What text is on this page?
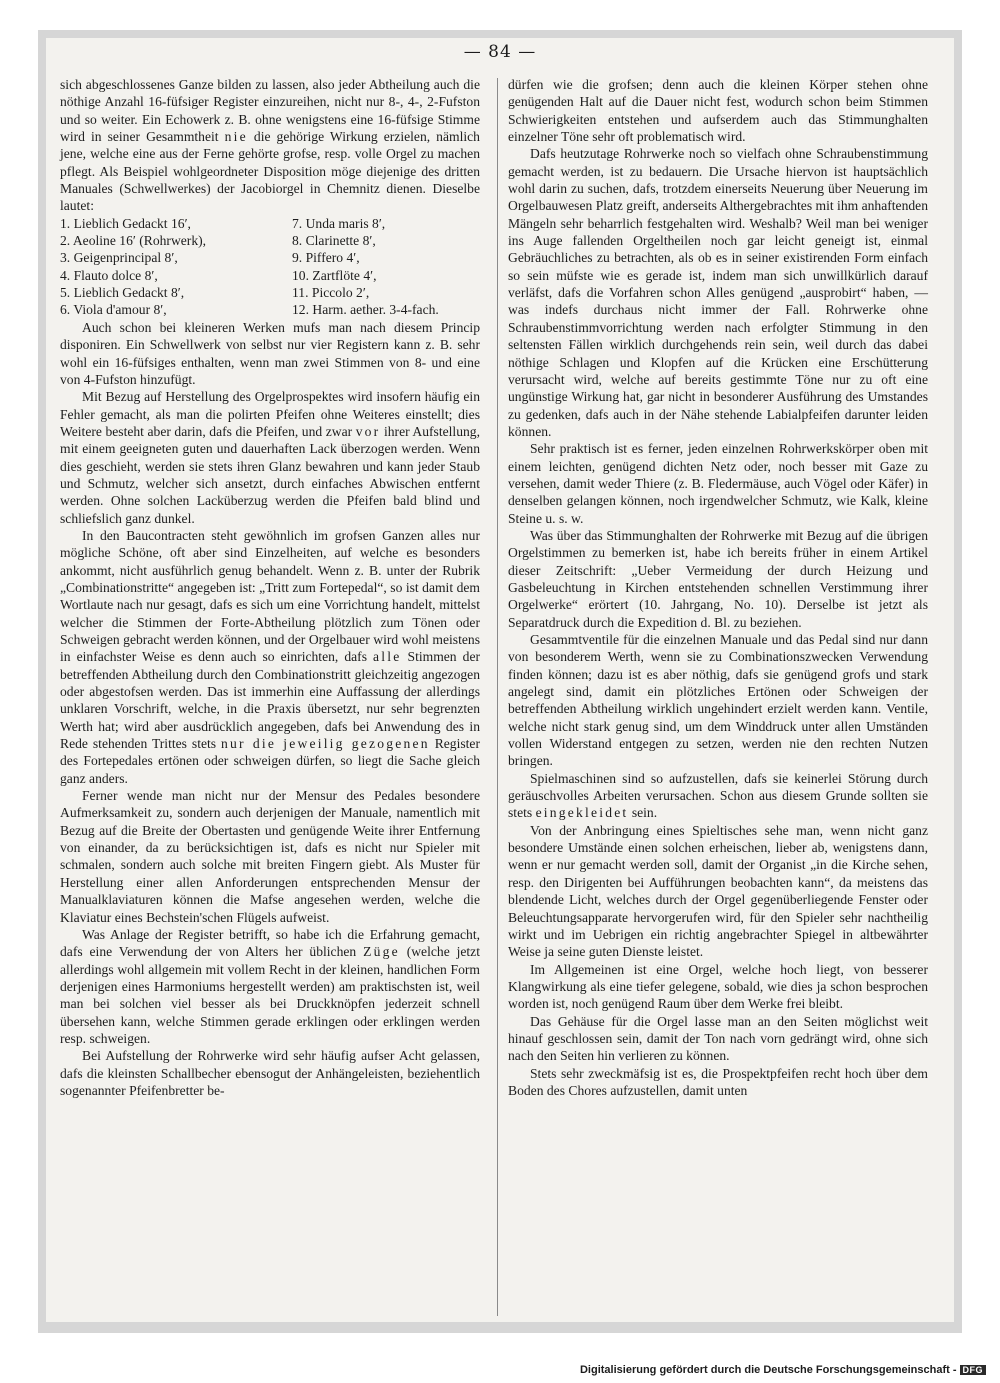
— 84 —

sich abgeschlossenes Ganze bilden zu lassen, also jeder Abtheilung auch die nöthige Anzahl 16-füfsiger Register einzureihen, nicht nur 8-, 4-, 2-Fufston und so weiter. Ein Echowerk z. B. ohne wenigstens eine 16-füfsige Stimme wird in seiner Gesammtheit nie die gehörige Wirkung erzielen, nämlich jene, welche eine aus der Ferne gehörte grofse, resp. volle Orgel zu machen pflegt. Als Beispiel wohlgeordneter Disposition möge diejenige des dritten Manuales (Schwellwerkes) der Jacobiorgel in Chemnitz dienen. Dieselbe lautet:

1. Lieblich Gedackt 16′,	7. Unda maris 8′,
2. Aeoline 16′ (Rohrwerk),	8. Clarinette 8′,
3. Geigenprincipal 8′,	9. Piffero 4′,
4. Flauto dolce 8′,	10. Zartflöte 4′,
5. Lieblich Gedackt 8′,	11. Piccolo 2′,
6. Viola d'amour 8′,	12. Harm. aether. 3-4-fach.

Auch schon bei kleineren Werken mufs man nach diesem Princip disponiren. Ein Schwellwerk von selbst nur vier Registern kann z. B. sehr wohl ein 16-füfsiges enthalten, wenn man zwei Stimmen von 8- und eine von 4-Fufston hinzufügt.

Mit Bezug auf Herstellung des Orgelprospektes wird insofern häufig ein Fehler gemacht, als man die polirten Pfeifen ohne Weiteres einstellt; dies Weitere besteht aber darin, dafs die Pfeifen, und zwar vor ihrer Aufstellung, mit einem geeigneten guten und dauerhaften Lack überzogen werden. Wenn dies geschieht, werden sie stets ihren Glanz bewahren und kann jeder Staub und Schmutz, welcher sich ansetzt, durch einfaches Abwischen entfernt werden. Ohne solchen Lacküberzug werden die Pfeifen bald blind und schliefslich ganz dunkel.

In den Baucontracten steht gewöhnlich im grofsen Ganzen alles nur mögliche Schöne, oft aber sind Einzelheiten, auf welche es besonders ankommt, nicht ausführlich genug behandelt. Wenn z. B. unter der Rubrik „Combinationstritte“ angegeben ist: „Tritt zum Fortepedal“, so ist damit dem Wortlaute nach nur gesagt, dafs es sich um eine Vorrichtung handelt, mittelst welcher die Stimmen der Forte-Abtheilung plötzlich zum Tönen oder Schweigen gebracht werden können, und der Orgelbauer wird wohl meistens in einfachster Weise es denn auch so einrichten, dafs alle Stimmen der betreffenden Abtheilung durch den Combinationstritt gleichzeitig angezogen oder abgestofsen werden. Das ist immerhin eine Auffassung der allerdings unklaren Vorschrift, welche, in die Praxis übersetzt, nur sehr begrenzten Werth hat; wird aber ausdrücklich angegeben, dafs bei Anwendung des in Rede stehenden Trittes stets nur die jeweilig gezogenen Register des Fortepedales ertönen oder schweigen dürfen, so liegt die Sache gleich ganz anders.

Ferner wende man nicht nur der Mensur des Pedales besondere Aufmerksamkeit zu, sondern auch derjenigen der Manuale, namentlich mit Bezug auf die Breite der Obertasten und genügende Weite ihrer Entfernung von einander, da zu berücksichtigen ist, dafs es nicht nur Spieler mit schmalen, sondern auch solche mit breiten Fingern giebt. Als Muster für Herstellung einer allen Anforderungen entsprechenden Mensur der Manualklaviaturen können die Mafse angesehen werden, welche die Klaviatur eines Bechstein'schen Flügels aufweist.

Was Anlage der Register betrifft, so habe ich die Erfahrung gemacht, dafs eine Verwendung der von Alters her üblichen Züge (welche jetzt allerdings wohl allgemein mit vollem Recht in der kleinen, handlichen Form derjenigen eines Harmoniums hergestellt werden) am praktischsten ist, weil man bei solchen viel besser als bei Druckknöpfen jederzeit schnell übersehen kann, welche Stimmen gerade erklingen oder erklingen werden resp. schweigen.

Bei Aufstellung der Rohrwerke wird sehr häufig aufser Acht gelassen, dafs die kleinsten Schallbecher ebensogut der Anhängeleisten, beziehentlich sogenannter Pfeifenbretter be-

dürfen wie die grofsen; denn auch die kleinen Körper stehen ohne genügenden Halt auf die Dauer nicht fest, wodurch schon beim Stimmen Schwierigkeiten entstehen und aufserdem auch das Stimmunghalten einzelner Töne sehr oft problematisch wird.

Dafs heutzutage Rohrwerke noch so vielfach ohne Schraubenstimmung gemacht werden, ist zu bedauern. Die Ursache hiervon ist hauptsächlich wohl darin zu suchen, dafs, trotzdem einerseits Neuerung über Neuerung im Orgelbauwesen Platz greift, anderseits Althergebrachtes mit ihm anhaftenden Mängeln sehr beharrlich festgehalten wird. Weshalb? Weil man bei weniger ins Auge fallenden Orgeltheilen noch gar leicht geneigt ist, einmal Gebräuchliches zu betrachten, als ob es in seiner existirenden Form einfach so sein müfste wie es gerade ist, indem man sich unwillkürlich darauf verläfst, dafs die Vorfahren schon Alles genügend „ausprobirt“ haben, — was indefs durchaus nicht immer der Fall. Rohrwerke ohne Schraubenstimmvorrichtung werden nach erfolgter Stimmung in den seltensten Fällen wirklich durchgehends rein sein, weil durch das dabei nöthige Schlagen und Klopfen auf die Krücken eine Erschütterung verursacht wird, welche auf bereits gestimmte Töne nur zu oft eine ungünstige Wirkung hat, gar nicht in besonderer Ausführung des Umstandes zu gedenken, dafs auch in der Nähe stehende Labialpfeifen darunter leiden können.

Sehr praktisch ist es ferner, jeden einzelnen Rohrwerkskörper oben mit einem leichten, genügend dichten Netz oder, noch besser mit Gaze zu versehen, damit weder Thiere (z. B. Fledermäuse, auch Vögel oder Käfer) in denselben gelangen können, noch irgendwelcher Schmutz, wie Kalk, kleine Steine u. s. w.

Was über das Stimmunghalten der Rohrwerke mit Bezug auf die übrigen Orgelstimmen zu bemerken ist, habe ich bereits früher in einem Artikel dieser Zeitschrift: „Ueber Vermeidung der durch Heizung und Gasbeleuchtung in Kirchen entstehenden schnellen Verstimmung ihrer Orgelwerke“ erörtert (10. Jahrgang, No. 10). Derselbe ist jetzt als Separatdruck durch die Expedition d. Bl. zu beziehen.

Gesammtventile für die einzelnen Manuale und das Pedal sind nur dann von besonderem Werth, wenn sie zu Combinationszwecken Verwendung finden können; dazu ist es aber nöthig, dafs sie genügend grofs und stark angelegt sind, damit ein plötzliches Ertönen oder Schweigen der betreffenden Abtheilung wirklich ungehindert erzielt werden kann. Ventile, welche nicht stark genug sind, um dem Winddruck unter allen Umständen vollen Widerstand entgegen zu setzen, werden nie den rechten Nutzen bringen.

Spielmaschinen sind so aufzustellen, dafs sie keinerlei Störung durch geräuschvolles Arbeiten verursachen. Schon aus diesem Grunde sollten sie stets eingekleidet sein.

Von der Anbringung eines Spieltisches sehe man, wenn nicht ganz besondere Umstände einen solchen erheischen, lieber ab, wenigstens dann, wenn er nur gemacht werden soll, damit der Organist „in die Kirche sehen, resp. den Dirigenten bei Aufführungen beobachten kann“, da meistens das blendende Licht, welches durch der Orgel gegenüberliegende Fenster oder Beleuchtungsapparate hervorgerufen wird, für den Spieler sehr nachtheilig wirkt und im Uebrigen ein richtig angebrachter Spiegel in altbewährter Weise ja seine guten Dienste leistet.

Im Allgemeinen ist eine Orgel, welche hoch liegt, von besserer Klangwirkung als eine tiefer gelegene, sobald, wie dies ja schon besprochen worden ist, noch genügend Raum über dem Werke frei bleibt.

Das Gehäuse für die Orgel lasse man an den Seiten möglichst weit hinauf geschlossen sein, damit der Ton nach vorn gedrängt wird, ohne sich nach den Seiten hin verlieren zu können.

Stets sehr zweckmäfsig ist es, die Prospektpfeifen recht hoch über dem Boden des Chores aufzustellen, damit unten

Digitalisierung gefördert durch die Deutsche Forschungsgemeinschaft - DFG
